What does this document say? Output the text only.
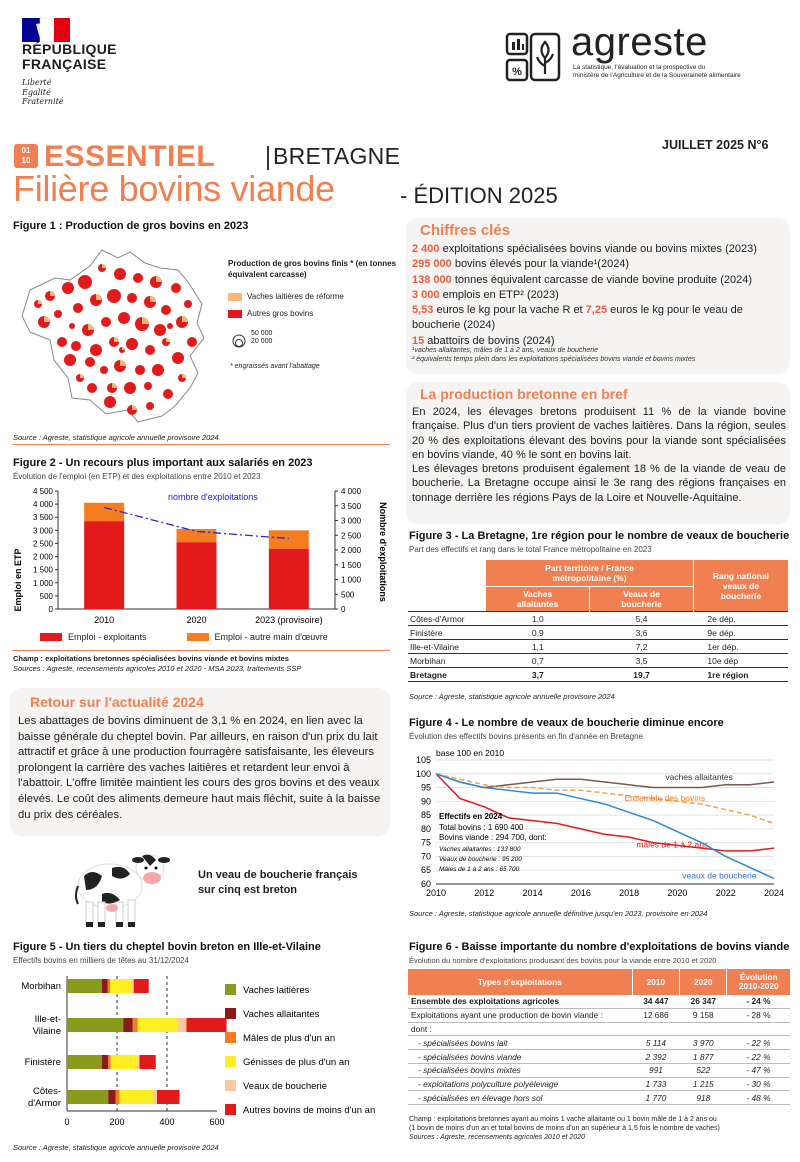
RÉPUBLIQUE
FRANÇAISE
Liberté
Égalité
Fraternité
%
agreste
La statistique, l'évaluation et la prospective du
ministère de l'Agriculture et de la Souveraineté alimentaire
01 10 ESSENTIEL	BRETAGNE	JUILLET 2025 N°6
Filière bovins viande	- ÉDITION 2025
Figure 1 : Production de gros bovins en 2023
Production de gros bovins finis * (en tonnes équivalent carcasse)
Vaches laitières de réforme
Autres gros bovins
50 000
20 000
* engraissés avant l'abattage
Source : Agreste, statistique agricole annuelle provisoire 2024
Figure 2 - Un recours plus important aux salariés en 2023
Évolution de l'emploi (en ETP) et des exploitations entre 2010 et 2023
0
500
1 000
1 500
2 000
2 500
3 000
3 500
4 000
4 500
0
500
1 000
1 500
2 000
2 500
3 000
3 500
4 000
2010	2020	2023 (provisoire)
Emploi en ETP	Nombre d'exploitations
nombre d'exploitations
Emploi - exploitants	Emploi - autre main d'œuvre
Champ : exploitations bretonnes spécialisées bovins viande et bovins mixtes
Sources : Agreste, recensements agricoles 2010 et 2020 - MSA 2023, traitements SSP
Retour sur l'actualité 2024
Les abattages de bovins diminuent de 3,1 % en 2024, en lien avec la baisse générale du cheptel bovin. Par ailleurs, en raison d'un prix du lait attractif et grâce à une production fourragère satisfaisante, les éleveurs prolongent la carrière des vaches laitières et retardent leur envoi à l'abattoir. L'offre limitée maintient les cours des gros bovins et des veaux élevés. Le coût des aliments demeure haut mais fléchit, suite à la baisse du prix des céréales.
Un veau de boucherie français
sur cinq est breton
Figure 5 - Un tiers du cheptel bovin breton en Ille-et-Vilaine
Effectifs bovins en milliers de têtes au 31/12/2024
0	200	400	600
Morbihan
Ille-et-Vilaine
Finistère
Côtes-d'Armor
Vaches laitières
Vaches allaitantes
Mâles de plus d'un an
Génisses de plus d'un an
Veaux de boucherie
Autres bovins de moins d'un an
Source : Agreste, statistique agricole annuelle provisoire 2024
Chiffres clés
2 400 exploitations spécialisées bovins viande ou bovins mixtes (2023)
295 000 bovins élevés pour la viande¹(2024)
138 000 tonnes équivalent carcasse de viande bovine produite (2024)
3 000 emplois en ETP² (2023)
5,53 euros le kg pour la vache R et 7,25 euros le kg pour le veau de boucherie (2024)
15 abattoirs de bovins (2024)
¹vaches allaitantes, mâles de 1 à 2 ans, veaux de boucherie
² équivalents temps plein dans les exploitations spécialisées bovins viande et bovins mixtes
La production bretonne en bref
En 2024, les élevages bretons produisent 11 % de la viande bovine française. Plus d'un tiers provient de vaches laitières. Dans la région, seules 20 % des exploitations élevant des bovins pour la viande sont spécialisées en bovins viande, 40 % le sont en bovins lait.
Les élevages bretons produisent également 18 % de la viande de veau de boucherie. La Bretagne occupe ainsi le 3e rang des régions françaises en tonnage derrière les régions Pays de la Loire et Nouvelle-Aquitaine.
Figure 3 - La Bretagne, 1re région pour le nombre de veaux de boucherie
Part des effectifs et rang dans le total France métropolitaine en 2023
	Part territoire / France métropolitaine (%)		Rang national veaux de boucherie
	Vaches allaitantes	Veaux de boucherie	
Côtes-d'Armor	1,0	5,4	2e dép.
Finistère	0,9	3,6	9e dép.
Ille-et-Vilaine	1,1	7,2	1er dép.
Morbihan	0,7	3,5	10e dép
Bretagne	3,7	19,7	1re région
Source : Agreste, statistique agricole annuelle provisoire 2024
Figure 4 - Le nombre de veaux de boucherie diminue encore
Évolution des effectifs bovins présents en fin d'année en Bretagne
base 100 en 2010
60
65
70
75
80
85
90
95
100
105
2010	2012	2014	2016	2018	2020	2022	2024
vaches allaitantes
Ensemble des bovins
mâles de 1 à 2 ans
veaux de boucherie
Effectifs en 2024
Total bovins : 1 690 400
Bovins viande : 294 700, dont:
Vaches allaitantes : 133 800
Veaux de boucherie : 95 200
Mâles de 1 à 2 ans : 65 700
Source : Agreste, statistique agricole annuelle définitive jusqu'en 2023, provisoire en 2024
Figure 6 - Baisse importante du nombre d'exploitations de bovins viande
Évolution du nombre d'exploitations produisant des bovins pour la viande entre 2010 et 2020
Types d'exploitations	2010	2020	Évolution 2010-2020
Ensemble des exploitations agricoles	34 447	26 347	- 24 %
Exploitations ayant une production de bovin viande :	12 686	9 158	- 28 %
dont :			
- spécialisées bovins lait	5 114	3 970	- 22 %
- spécialisées bovins viande	2 392	1 877	- 22 %
- spécialisées bovins mixtes	991	522	- 47 %
- exploitations polyculture polyélevage	1 733	1 215	- 30 %
- spécialisées en élevage hors sol	1 770	918	- 48 %
Champ : exploitations bretonnes ayant au moins 1 vache allaitante ou 1 bovin mâle de 1 à 2 ans ou
(1 bovin de moins d'un an et total bovins de moins d'un an supérieur à 1,5 fois le nombre de vaches)
Sources : Agreste, recensements agricoles 2010 et 2020
